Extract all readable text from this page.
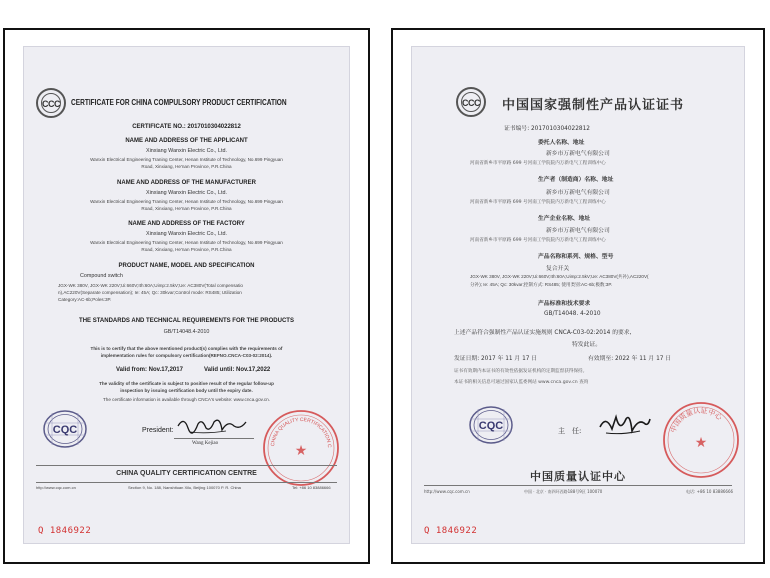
CCC CERTIFICATE FOR CHINA COMPULSORY PRODUCT CERTIFICATION
CERTIFICATE NO.: 2017010304022812
NAME AND ADDRESS OF THE APPLICANT
Xinxiang Wanxin Electric Co., Ltd.
Wanxin Electrical Engineering Traning Center, Henan Institute of Technology, No.699 Pingyuan
Road, Xinxiang, He'nan Province, P.R.China
NAME AND ADDRESS OF THE MANUFACTURER
Xinxiang Wanxin Electric Co., Ltd.
Wanxin Electrical Engineering Traning Center, Henan Institute of Technology, No.699 Pingyuan
Road, Xinxiang, He'nan Province, P.R.China
NAME AND ADDRESS OF THE FACTORY
Xinxiang Wanxin Electric Co., Ltd.
Wanxin Electrical Engineering Traning Center, Henan Institute of Technology, No.699 Pingyuan
Road, Xinxiang, He'nan Province, P.R.China
PRODUCT NAME, MODEL AND SPECIFICATION
Compound switch
JGX-WK 380V, JGX-WK 220V;Ui:660V;Ith:60A;Uimp:2.5kV;Ue: AC380V(Total compensatio
n),AC220V(Separate compensation); Ie: 45A; Qc: 30kvar;Control mode: RS485; Utilization
Category:AC-6b;Poles:3P.
THE STANDARDS AND TECHNICAL REQUIREMENTS FOR THE PRODUCTS
GB/T14048.4-2010
This is to certify that the above mentioned product(s) complies with the requirements of
implementation rules for compulsory certification(REFNO.CNCA-C03-02:2014).
Valid from: Nov.17,2017	Valid until: Nov.17,2022
The validity of the certificate is subject to positive result of the regular follow-up
inspection by issuing certification body until the expiry date.
The certificate information is available through CNCA's website: www.cnca.gov.cn.
CQC	President:
Wang Kejiao	CHINA QUALITY CERTIFICATION C
★
CHINA QUALITY CERTIFICATION CENTRE
http://www.cqc.com.cn	Section 9, No. 188, Nanshituan Xilu, Beijing 100070 P. R. China	Tel: +86 10 83886666
Q 1846922
CCC 中国国家强制性产品认证证书
证书编号: 2017010304022812
委托人名称、地址
新乡市万新电气有限公司
河南省新乡市平原路 699 号河南工学院院内万新电气工程训练中心
生产者（制造商）名称、地址
新乡市万新电气有限公司
河南省新乡市平原路 699 号河南工学院院内万新电气工程训练中心
生产企业名称、地址
新乡市万新电气有限公司
河南省新乡市平原路 699 号河南工学院院内万新电气工程训练中心
产品名称和系列、规格、型号
复合开关
JGX-WK 380V, JGX-WK 220V;Ui:660V;Ith:60A;Uimp:2.5kV;Ue: AC380V(共补),AC220V(
分补); Ie: 45A; Qc: 30kvar;控制方式: RS485; 使用类别:AC-6b;极数:3P.
产品标准和技术要求
GB/T14048. 4-2010
上述产品符合强制性产品认证实施规则 CNCA-C03-02:2014 的要求,
特发此证。
发证日期: 2017 年 11 月 17 日	有效期至: 2022 年 11 月 17 日
证书有效期内本证书的有效性依据发证机构的定期监督获得保持。
本证书的相关信息可通过国家认监委网站 www.cnca.gov.cn 查询
CQC	主　任:	中国质量认证中心
★
中国质量认证中心
http://www.cqc.com.cn	中国 · 北京 · 南四环西路188号9区 100070	电话: +86 10 83886666
Q 1846922
